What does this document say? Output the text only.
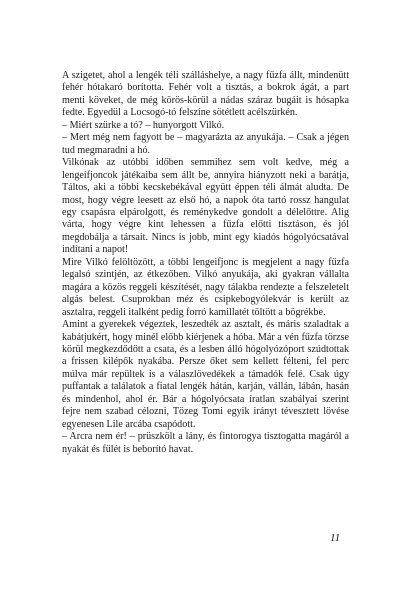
A szigetet, ahol a lengék téli szálláshelye, a nagy fűzfa állt, mindenütt fehér hótakaró borította. Fehér volt a tisztás, a bokrok ágát, a part menti köveket, de még körös-körül a nádas száraz bugáit is hósapka fedte. Egyedül a Locsogó-tó felszíne sötétlett acélszürkén.

– Miért szürke a tó? – hunyorgott Vilkó.

– Mert még nem fagyott be – magyarázta az anyukája. – Csak a jégen tud megmaradni a hó.

Vilkónak az utóbbi időben semmihez sem volt kedve, még a lengeifjoncok játékaiba sem állt be, annyira hiányzott neki a barátja, Táltos, aki a többi kecskebékával együtt éppen téli álmát aludta. De most, hogy végre leesett az első hó, a napok óta tartó rossz hangulat egy csapásra elpárolgott, és reménykedve gondolt a délelőttre. Alig várta, hogy végre kint lehessen a fűzfa előtti tisztáson, és jól megdobálja a társait. Nincs is jobb, mint egy kiadós hógolyócsatával indítani a napot!

Mire Vilkó felöltözött, a többi lengeifjonc is megjelent a nagy fűzfa legalsó szintjén, az étkezőben. Vilkó anyukája, aki gyakran vállalta magára a közös reggeli készítését, nagy tálakba rendezte a felszeletelt algás belest. Csuprokban méz és csipkebogyólekvár is került az asztalra, reggeli italként pedig forró kamillatét töltött a bögrékbe.

Amint a gyerekek végeztek, leszedték az asztalt, és máris szaladtak a kabátjukért, hogy minél előbb kiérjenek a hóba. Már a vén fűzfa törzse körül megkezdődött a csata, és a lesben álló hógolyózóport szúdtottak a frissen kilépők nyakába. Persze őket sem kellett félteni, fel perc múlva már repültek is a válaszlövedékek a támadók felé. Csak úgy puffantak a találatok a fiatal lengék hátán, karján, vállán, lábán, hasán és mindenhol, ahol ér. Bár a hógolyócsata íratlan szabályai szerint fejre nem szabad célozni, Tözeg Tomi egyik irányt tévesztett lövése egyenesen Lile arcába csapódott.

– Arcra nem ér! – prüszkölt a lány, és fintorogya tisztogatta magáról a nyakát és fülét is beborító havat.

11
